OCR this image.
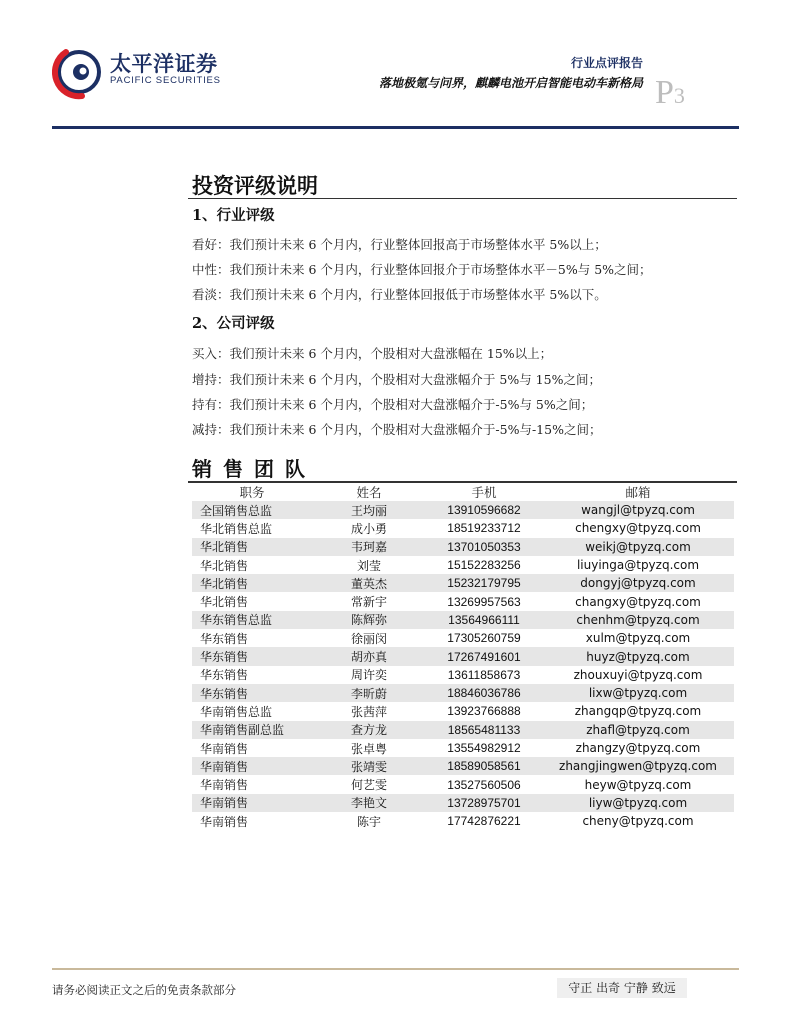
太平洋证券
PACIFIC SECURITIES
行业点评报告
落地极氪与问界，麒麟电池开启智能电动车新格局 P3
投资评级说明
1、行业评级
看好：我们预计未来 6 个月内，行业整体回报高于市场整体水平 5%以上；
中性：我们预计未来 6 个月内，行业整体回报介于市场整体水平－5%与 5%之间；
看淡：我们预计未来 6 个月内，行业整体回报低于市场整体水平 5%以下。
2、公司评级
买入：我们预计未来 6 个月内，个股相对大盘涨幅在 15%以上；
增持：我们预计未来 6 个月内，个股相对大盘涨幅介于 5%与 15%之间；
持有：我们预计未来 6 个月内，个股相对大盘涨幅介于-5%与 5%之间；
减持：我们预计未来 6 个月内，个股相对大盘涨幅介于-5%与-15%之间；
销售团队
职务	姓名	手机	邮箱
全国销售总监	王均丽	13910596682	wangjl@tpyzq.com
华北销售总监	成小勇	18519233712	chengxy@tpyzq.com
华北销售	韦珂嘉	13701050353	weikj@tpyzq.com
华北销售	刘莹	15152283256	liuyinga@tpyzq.com
华北销售	董英杰	15232179795	dongyj@tpyzq.com
华北销售	常新宇	13269957563	changxy@tpyzq.com
华东销售总监	陈辉弥	13564966111	chenhm@tpyzq.com
华东销售	徐丽闵	17305260759	xulm@tpyzq.com
华东销售	胡亦真	17267491601	huyz@tpyzq.com
华东销售	周许奕	13611858673	zhouxuyi@tpyzq.com
华东销售	李昕蔚	18846036786	lixw@tpyzq.com
华南销售总监	张茜萍	13923766888	zhangqp@tpyzq.com
华南销售副总监	查方龙	18565481133	zhafl@tpyzq.com
华南销售	张卓粤	13554982912	zhangzy@tpyzq.com
华南销售	张靖雯	18589058561	zhangjingwen@tpyzq.com
华南销售	何艺雯	13527560506	heyw@tpyzq.com
华南销售	李艳文	13728975701	liyw@tpyzq.com
华南销售	陈宇	17742876221	cheny@tpyzq.com
请务必阅读正文之后的免责条款部分	守正 出奇 宁静 致远
